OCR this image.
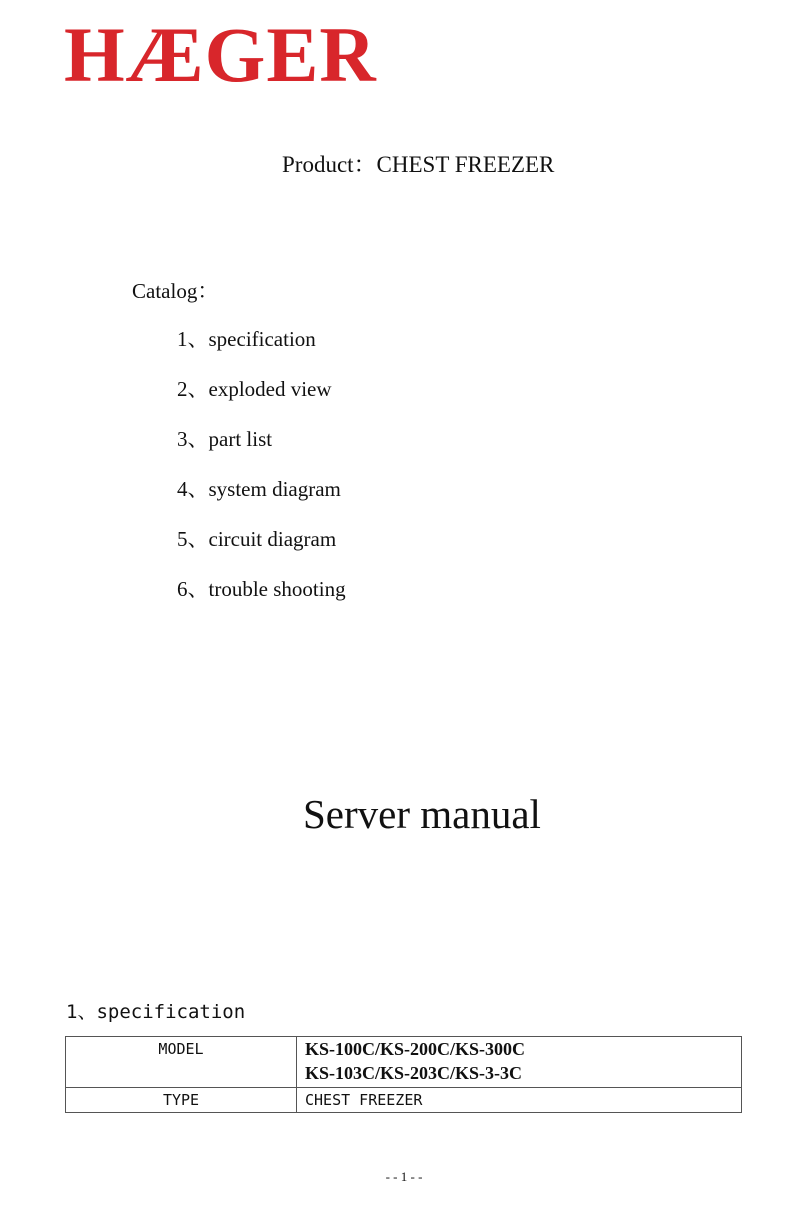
HÆGER
Product：CHEST FREEZER
Catalog：
1、specification
2、exploded view
3、part list
4、system diagram
5、circuit diagram
6、trouble shooting
Server manual
1、specification
MODEL	KS-100C/KS-200C/KS-300C
KS-103C/KS-203C/KS-3-3C

TYPE	CHEST FREEZER
- - 1 - -
